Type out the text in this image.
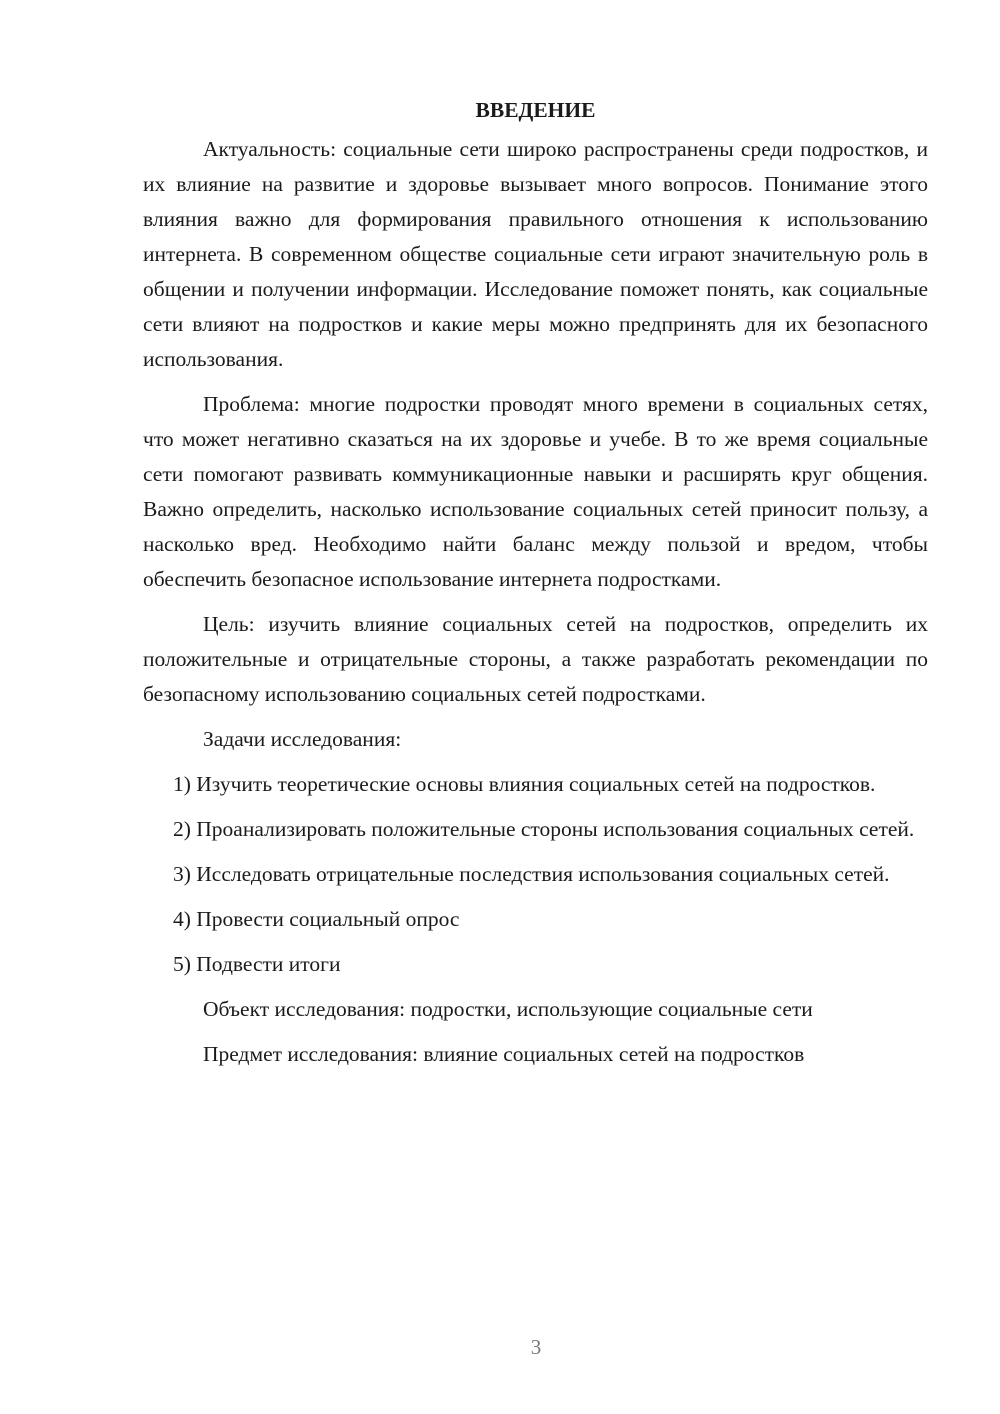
ВВЕДЕНИЕ

Актуальность: социальные сети широко распространены среди подростков, и их влияние на развитие и здоровье вызывает много вопросов. Понимание этого влияния важно для формирования правильного отношения к использованию интернета. В современном обществе социальные сети играют значительную роль в общении и получении информации. Исследование поможет понять, как социальные сети влияют на подростков и какие меры можно предпринять для их безопасного использования.

Проблема: многие подростки проводят много времени в социальных сетях, что может негативно сказаться на их здоровье и учебе. В то же время социальные сети помогают развивать коммуникационные навыки и расширять круг общения. Важно определить, насколько использование социальных сетей приносит пользу, а насколько вред. Необходимо найти баланс между пользой и вредом, чтобы обеспечить безопасное использование интернета подростками.

Цель: изучить влияние социальных сетей на подростков, определить их положительные и отрицательные стороны, а также разработать рекомендации по безопасному использованию социальных сетей подростками.

Задачи исследования:

1) Изучить теоретические основы влияния социальных сетей на подростков.

2) Проанализировать положительные стороны использования социальных сетей.

3) Исследовать отрицательные последствия использования социальных сетей.

4) Провести социальный опрос

5) Подвести итоги

Объект исследования: подростки, использующие социальные сети

Предмет исследования: влияние социальных сетей на подростков

3
